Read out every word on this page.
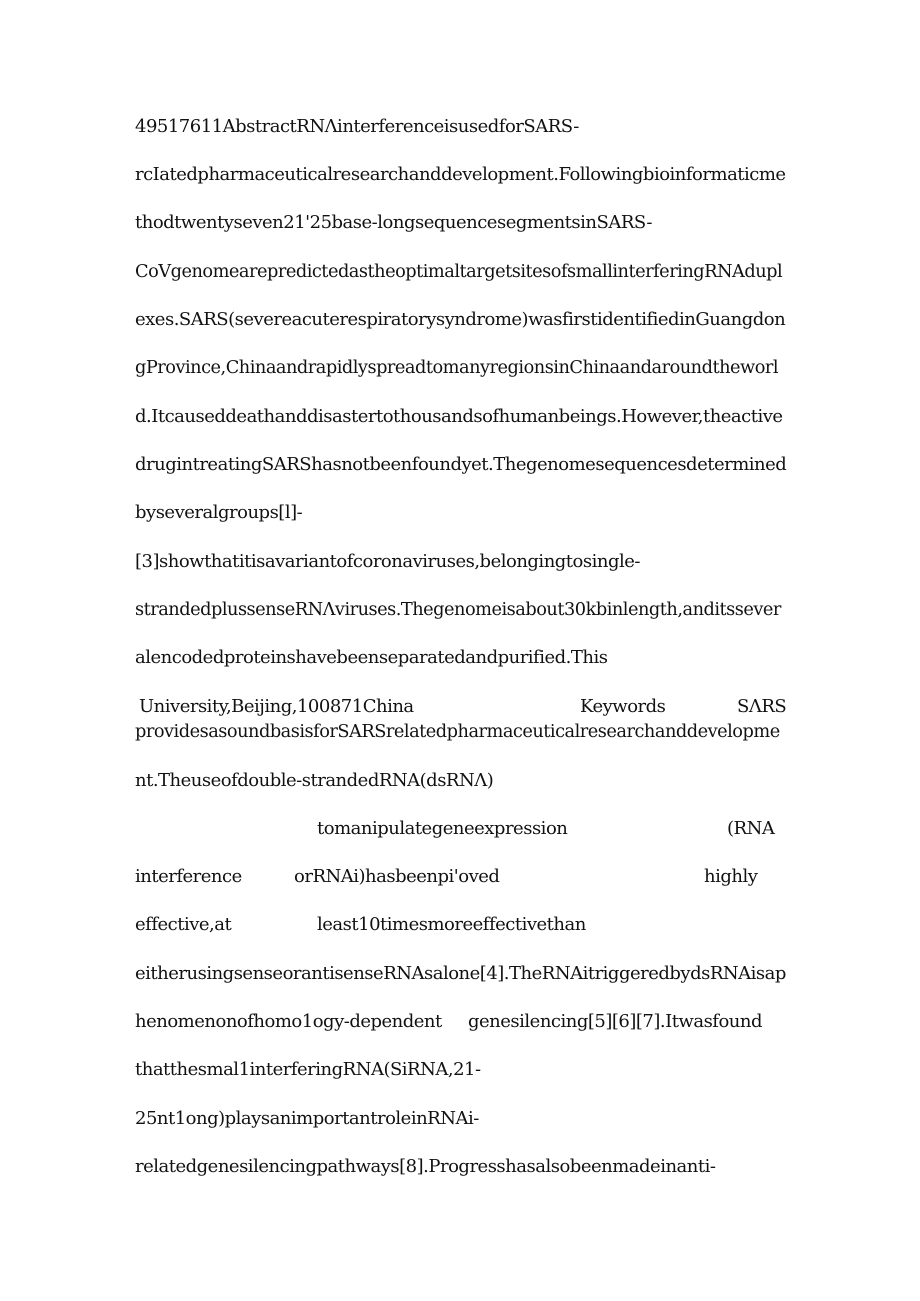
49517611AbstractRNΛinterferenceisusedforSARS-
rcIatedpharmaceuticalresearchanddevelopment.Followingbioinformaticme
thodtwentyseven21'25base-longsequencesegmentsinSARS-
CoVgenomearepredictedastheoptimaltargetsitesofsmallinterferingRNAdupl
exes.SARS(severeacuterespiratorysyndrome)wasfirstidentifiedinGuangdon
gProvince,ChinaandrapidlyspreadtomanyregionsinChinaandaroundtheworl
d.Itcauseddeathanddisastertothousandsofhumanbeings.However,theactive
drugintreatingSARShasnotbeenfoundyet.Thegenomesequencesdetermined
byseveralgroups[l]-
[3]showthatitisavariantofcoronaviruses,belongingtosingle-
strandedplussenseRNΛviruses.Thegenomeisabout30kbinlength,anditssever
alencodedproteinshavebeenseparatedandpurified.This
University,Beijing,100871China	Keywords	SΛRS
providesasoundbasisforSARSrelatedpharmaceuticalresearchanddevelopme
nt.Theuseofdouble-strandedRNA(dsRNΛ)
tomanipulategeneexpression	(RNA
interference	orRNAi)hasbeenpi'oved	highly
effective,at	least10timesmoreeffectivethan
eitherusingsenseorantisenseRNAsalone[4].TheRNAitriggeredbydsRNAisap
henomenonofhomo1ogy-dependent genesilencing[5][6][7].Itwasfound
thatthesmal1interferingRNA(SiRNA,21-
25nt1ong)playsanimportantroleinRNAi-
relatedgenesilencingpathways[8].Progresshasalsobeenmadeinanti-
